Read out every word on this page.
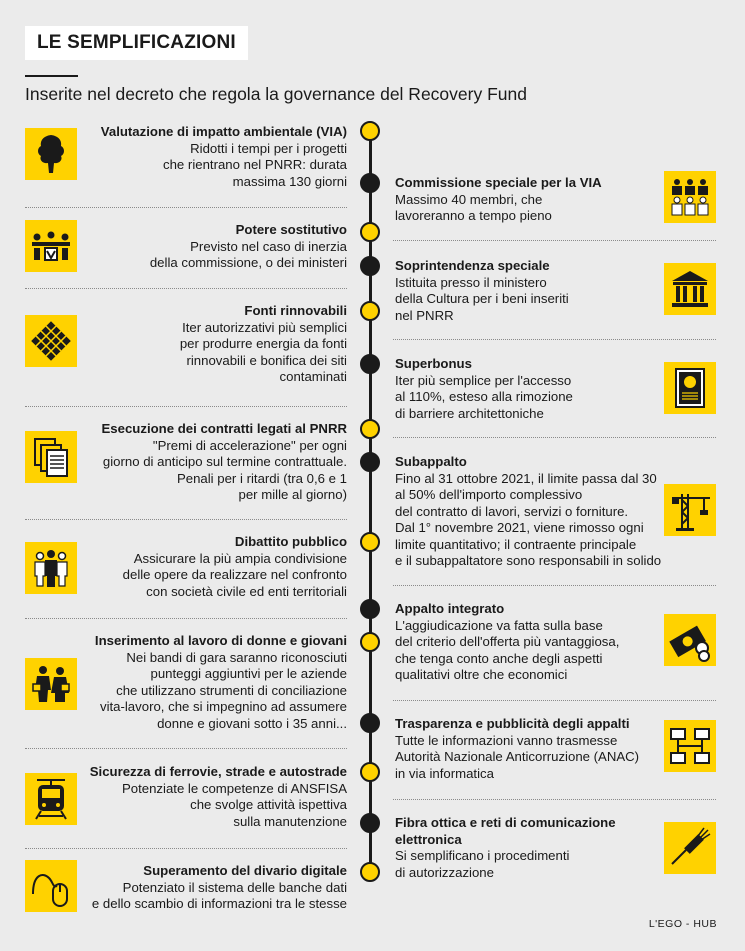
LE SEMPLIFICAZIONI
Inserite nel decreto che regola la governance del Recovery Fund
Valutazione di impatto ambientale (VIA)

Ridotti i tempi per i progetti
che rientrano nel PNRR: durata
massima 130 giorni

Potere sostitutivo

Previsto nel caso di inerzia
della commissione, o dei ministeri

Fonti rinnovabili

Iter autorizzativi più semplici
per produrre energia da fonti
rinnovabili e bonifica dei siti
contaminati

Esecuzione dei contratti legati al PNRR

"Premi di accelerazione" per ogni
giorno di anticipo sul termine contrattuale.
Penali per i ritardi (tra 0,6 e 1
per mille al giorno)

Dibattito pubblico

Assicurare la più ampia condivisione
delle opere da realizzare nel confronto
con società civile ed enti territoriali

Inserimento al lavoro di donne e giovani

Nei bandi di gara saranno riconosciuti
punteggi aggiuntivi per le aziende
che utilizzano strumenti di conciliazione
vita-lavoro, che si impegnino ad assumere
donne e giovani sotto i 35 anni...

Sicurezza di ferrovie, strade e autostrade

Potenziate le competenze di ANSFISA
che svolge attività ispettiva
sulla manutenzione

Superamento del divario digitale

Potenziato il sistema delle banche dati
e dello scambio di informazioni tra le stesse

Commissione speciale per la VIA

Massimo 40 membri, che
lavoreranno a tempo pieno

Soprintendenza speciale

Istituita presso il ministero
della Cultura per i beni inseriti
nel PNRR

Superbonus

Iter più semplice per l'accesso
al 110%, esteso alla rimozione
di barriere architettoniche

Subappalto

Fino al 31 ottobre 2021, il limite passa dal 30
al 50% dell'importo complessivo
del contratto di lavori, servizi o forniture.
Dal 1° novembre 2021, viene rimosso ogni
limite quantitativo; il contraente principale
e il subappaltatore sono responsabili in solido

Appalto integrato

L'aggiudicazione va fatta sulla base
del criterio dell'offerta più vantaggiosa,
che tenga conto anche degli aspetti
qualitativi oltre che economici

Trasparenza e pubblicità degli appalti

Tutte le informazioni vanno trasmesse
Autorità Nazionale Anticorruzione (ANAC)
in via informatica

Fibra ottica e reti di comunicazione
elettronica

Si semplificano i procedimenti
di autorizzazione

L'EGO - HUB
